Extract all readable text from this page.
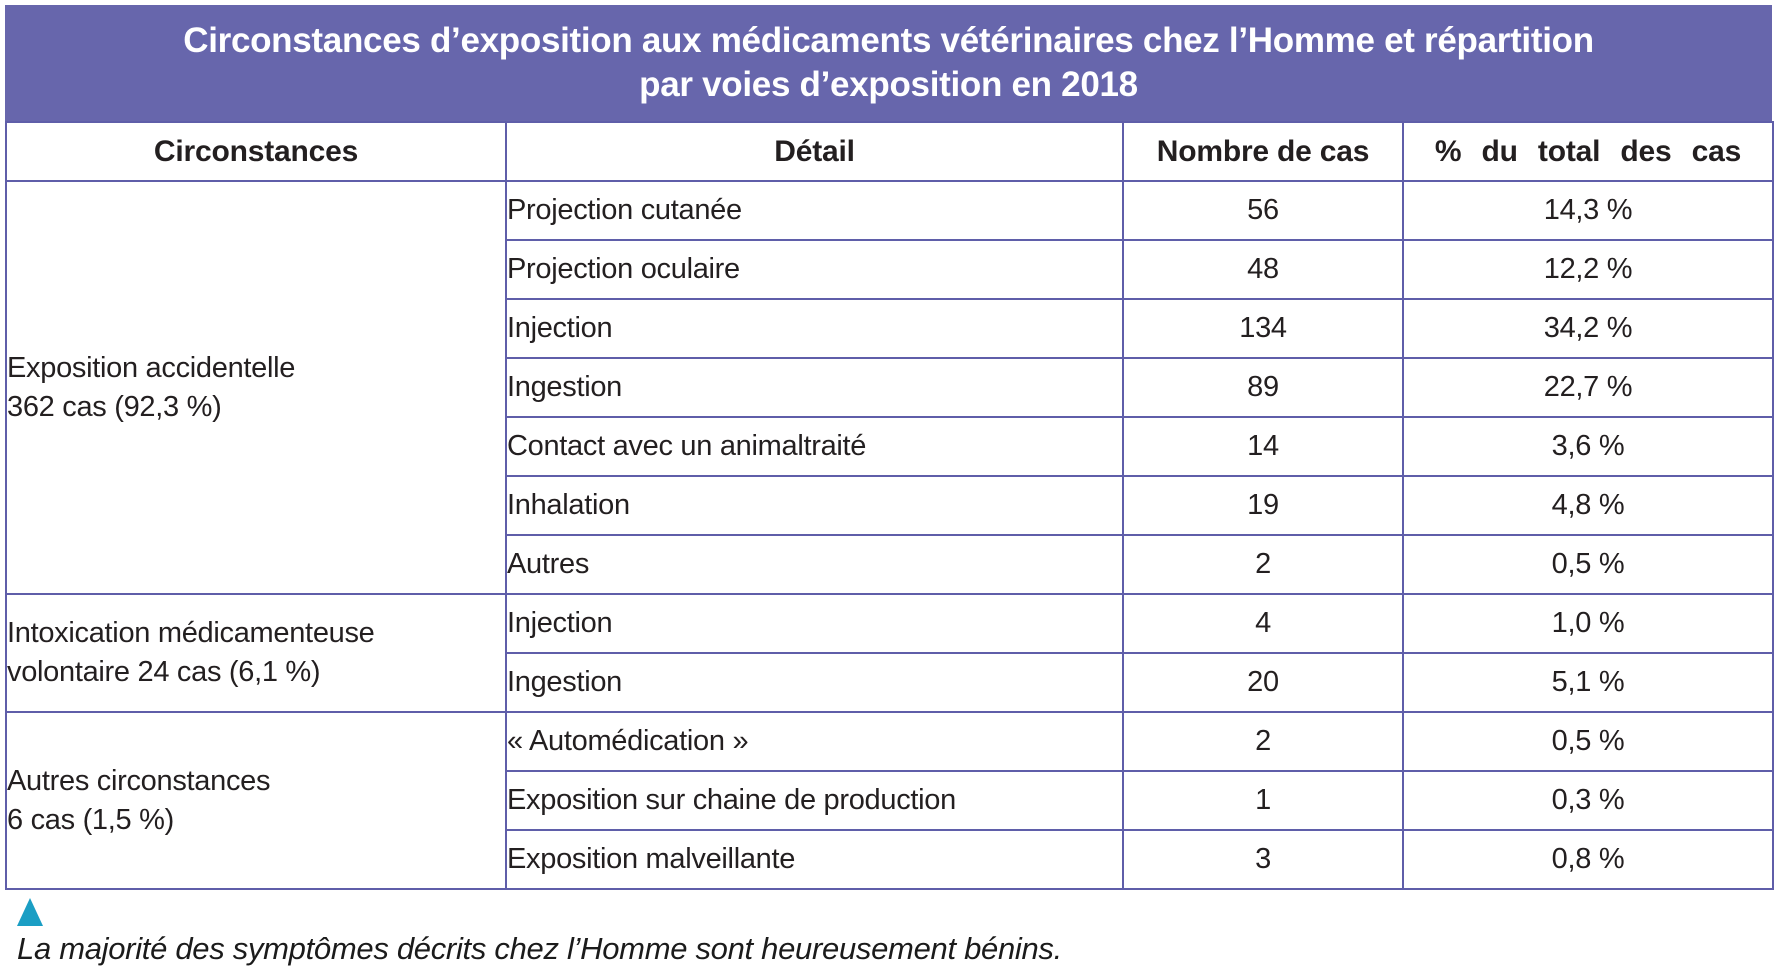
Circonstances d’exposition aux médicaments vétérinaires chez l’Homme et répartition
par voies d’exposition en 2018
Circonstances	Détail	Nombre de cas	% du total des cas

Exposition accidentelle
362 cas (92,3 %)	Projection cutanée	56	14,3 %
	Projection oculaire	48	12,2 %
	Injection	134	34,2 %
	Ingestion	89	22,7 %
	Contact avec un animaltraité	14	3,6 %
	Inhalation	19	4,8 %
	Autres	2	0,5 %

Intoxication médicamenteuse
volontaire 24 cas (6,1 %)	Injection	4	1,0 %
	Ingestion	20	5,1 %

Autres circonstances
6 cas (1,5 %)	« Automédication »	2	0,5 %
	Exposition sur chaine de production	1	0,3 %
	Exposition malveillante	3	0,8 %
La majorité des symptômes décrits chez l’Homme sont heureusement bénins.
